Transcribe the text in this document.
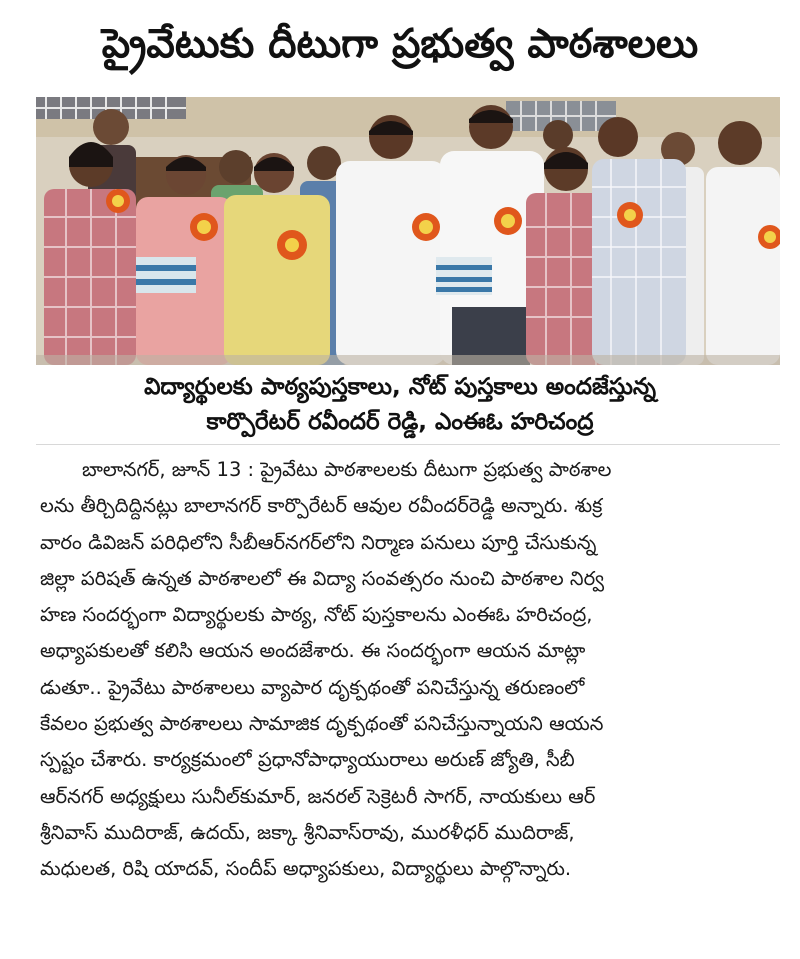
ప్రైవేటుకు దీటుగా ప్రభుత్వ పాఠశాలలు
విద్యార్థులకు పాఠ్యపుస్తకాలు, నోట్ పుస్తకాలు అందజేస్తున్న
కార్పొరేటర్ రవీందర్ రెడ్డి, ఎంఈఓ హరిచంద్ర
బాలానగర్, జూన్ 13 : ప్రైవేటు పాఠశాలలకు దీటుగా ప్రభుత్వ పాఠశాల
లను తీర్చిదిద్దినట్లు బాలానగర్ కార్పొరేటర్ ఆవుల రవీందర్‌రెడ్డి అన్నారు. శుక్ర
వారం డివిజన్ పరిధిలోని సీబీఆర్‌నగర్‌లోని నిర్మాణ పనులు పూర్తి చేసుకున్న
జిల్లా పరిషత్ ఉన్నత పాఠశాలలో ఈ విద్యా సంవత్సరం నుంచి పాఠశాల నిర్వ
హణ సందర్భంగా విద్యార్థులకు పాఠ్య, నోట్ పుస్తకాలను ఎంఈఓ హరిచంద్ర,
అధ్యాపకులతో కలిసి ఆయన అందజేశారు. ఈ సందర్భంగా ఆయన మాట్లా
డుతూ.. ప్రైవేటు పాఠశాలలు వ్యాపార దృక్పథంతో పనిచేస్తున్న తరుణంలో
కేవలం ప్రభుత్వ పాఠశాలలు సామాజిక దృక్పథంతో పనిచేస్తున్నాయని ఆయన
స్పష్టం చేశారు. కార్యక్రమంలో ప్రధానోపాధ్యాయురాలు అరుణ్ జ్యోతి, సీబీ
ఆర్‌నగర్ అధ్యక్షులు సునీల్‌కుమార్, జనరల్ సెక్రెటరీ సాగర్, నాయకులు ఆర్
శ్రీనివాస్ ముదిరాజ్, ఉదయ్, జక్కా శ్రీనివాస్‌రావు, మురళీధర్ ముదిరాజ్,
మధులత, రిషి యాదవ్, సందీప్ అధ్యాపకులు, విద్యార్థులు పాల్గొన్నారు.
